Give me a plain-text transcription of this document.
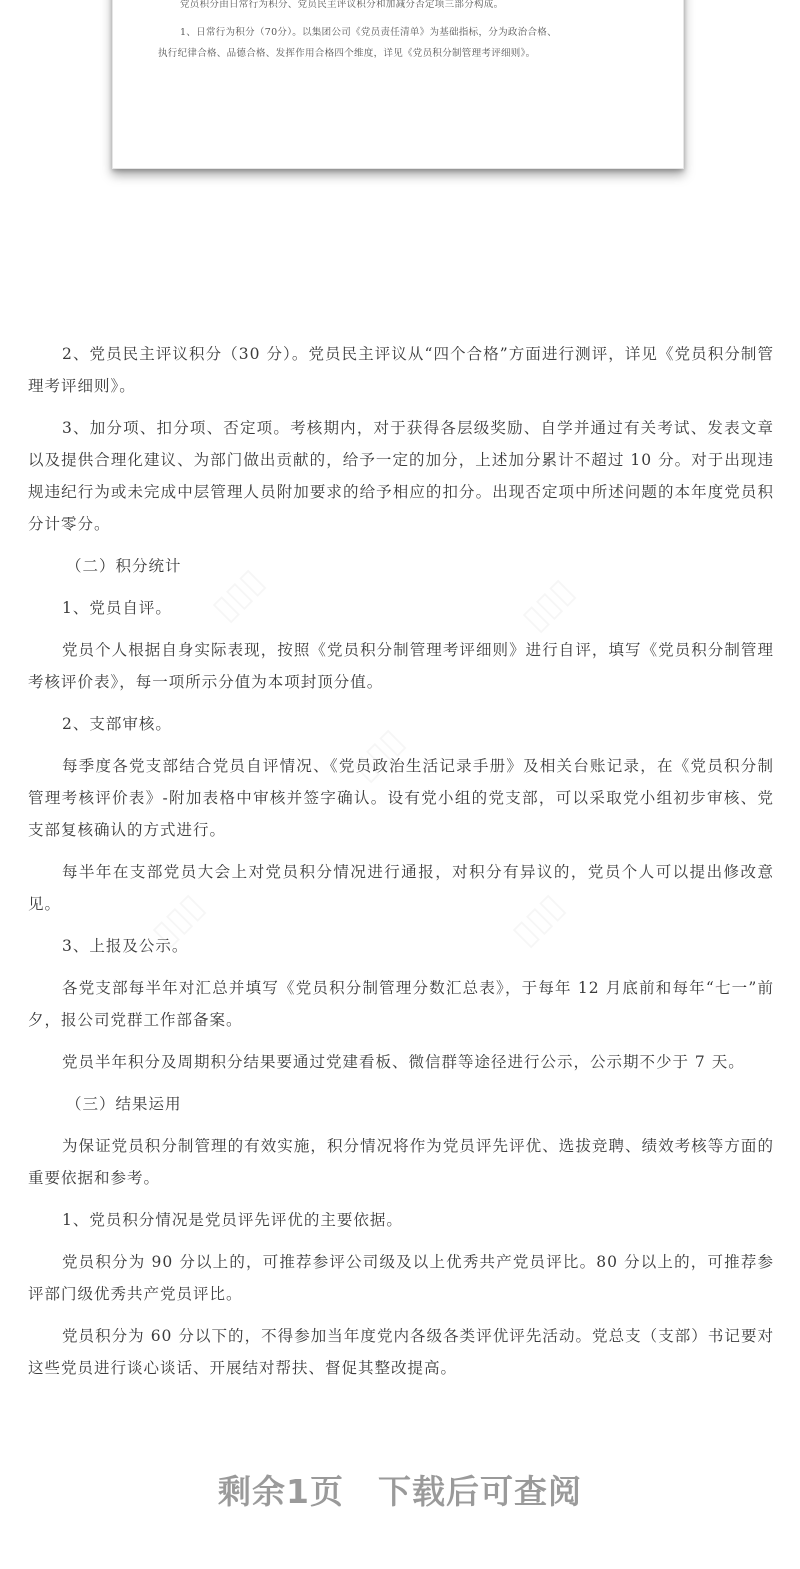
党员积分由日常行为积分、党员民主评议积分和加减分否定项三部分构成。
1、日常行为积分（70分）。以集团公司《党员责任清单》为基础指标，分为政治合格、
执行纪律合格、品德合格、发挥作用合格四个维度，详见《党员积分制管理考评细则》。

2、党员民主评议积分（30 分）。党员民主评议从“四个合格”方面进行测评，详见《党员积分制管理考评细则》。

3、加分项、扣分项、否定项。考核期内，对于获得各层级奖励、自学并通过有关考试、发表文章以及提供合理化建议、为部门做出贡献的，给予一定的加分，上述加分累计不超过 10 分。对于出现违规违纪行为或未完成中层管理人员附加要求的给予相应的扣分。出现否定项中所述问题的本年度党员积分计零分。

（二）积分统计

1、党员自评。

党员个人根据自身实际表现，按照《党员积分制管理考评细则》进行自评，填写《党员积分制管理考核评价表》，每一项所示分值为本项封顶分值。

2、支部审核。

每季度各党支部结合党员自评情况、《党员政治生活记录手册》及相关台账记录，在《党员积分制管理考核评价表》-附加表格中审核并签字确认。设有党小组的党支部，可以采取党小组初步审核、党支部复核确认的方式进行。

每半年在支部党员大会上对党员积分情况进行通报，对积分有异议的，党员个人可以提出修改意见。

3、上报及公示。

各党支部每半年对汇总并填写《党员积分制管理分数汇总表》，于每年 12 月底前和每年“七一”前夕，报公司党群工作部备案。

党员半年积分及周期积分结果要通过党建看板、微信群等途径进行公示，公示期不少于 7 天。

（三）结果运用

为保证党员积分制管理的有效实施，积分情况将作为党员评先评优、选拔竞聘、绩效考核等方面的重要依据和参考。

1、党员积分情况是党员评先评优的主要依据。

党员积分为 90 分以上的，可推荐参评公司级及以上优秀共产党员评比。80 分以上的，可推荐参评部门级优秀共产党员评比。

党员积分为 60 分以下的，不得参加当年度党内各级各类评优评先活动。党总支（支部）书记要对这些党员进行谈心谈话、开展结对帮扶、督促其整改提高。

剩余1页 下载后可查阅
